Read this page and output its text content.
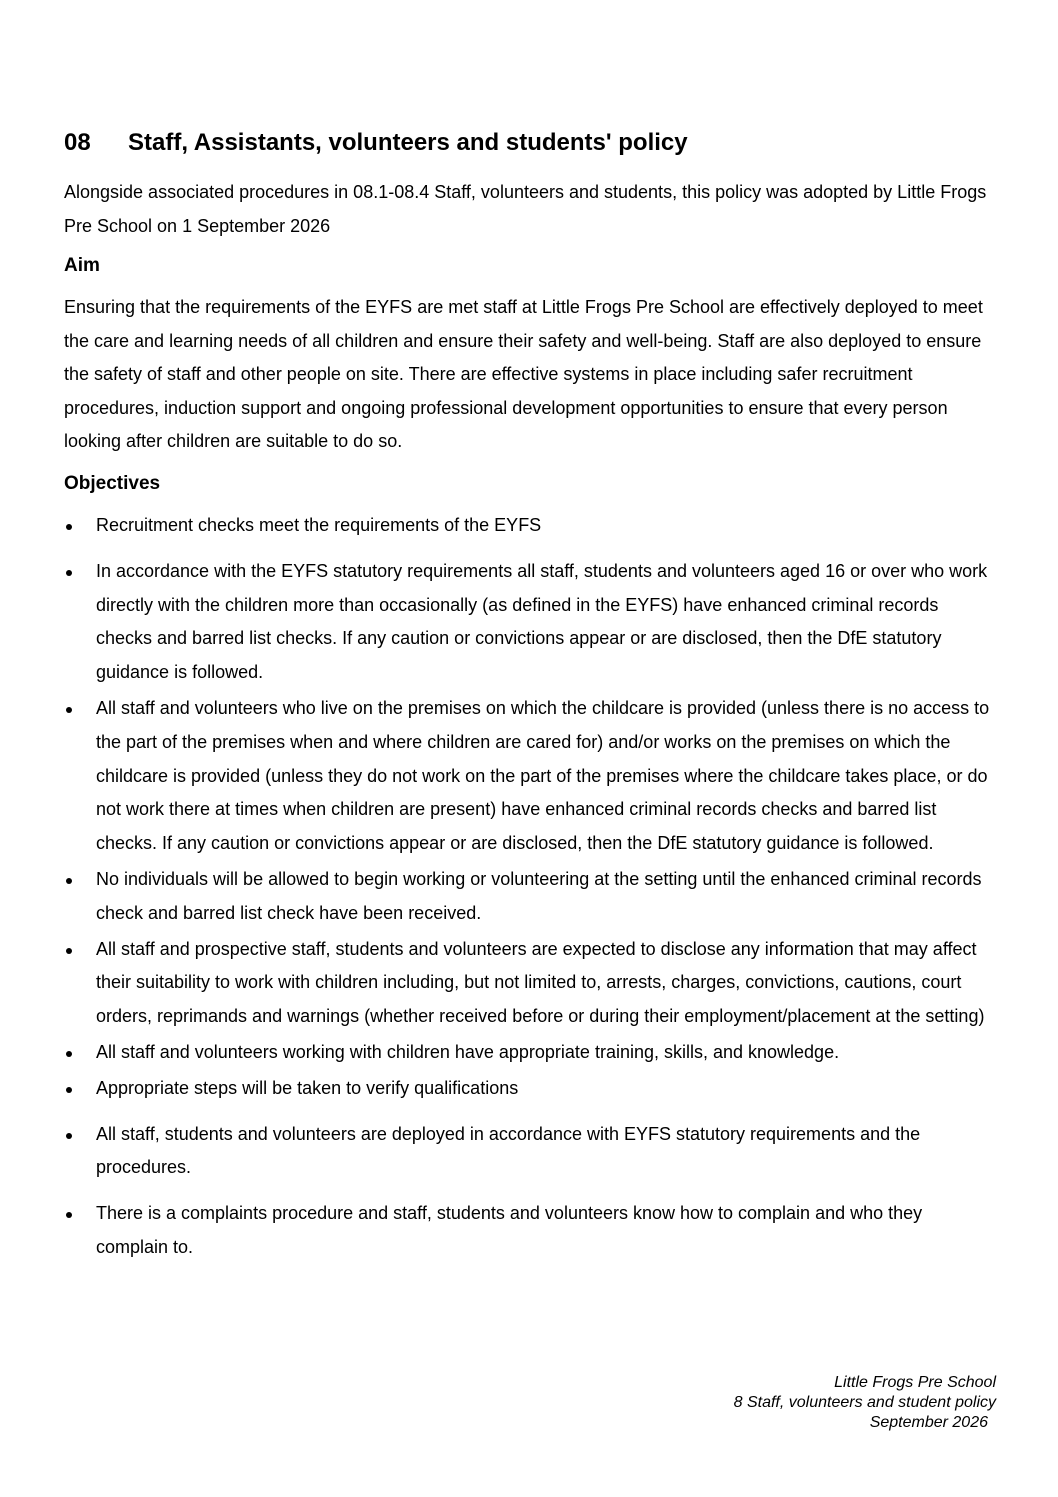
08 Staff, Assistants, volunteers and students' policy

Alongside associated procedures in 08.1-08.4 Staff, volunteers and students, this policy was adopted by Little Frogs Pre School on 1 September 2026

Aim

Ensuring that the requirements of the EYFS are met staff at Little Frogs Pre School are effectively deployed to meet the care and learning needs of all children and ensure their safety and well-being. Staff are also deployed to ensure the safety of staff and other people on site. There are effective systems in place including safer recruitment procedures, induction support and ongoing professional development opportunities to ensure that every person looking after children are suitable to do so.

Objectives
Recruitment checks meet the requirements of the EYFS
In accordance with the EYFS statutory requirements all staff, students and volunteers aged 16 or over who work directly with the children more than occasionally (as defined in the EYFS) have enhanced criminal records checks and barred list checks. If any caution or convictions appear or are disclosed, then the DfE statutory guidance is followed.
All staff and volunteers who live on the premises on which the childcare is provided (unless there is no access to the part of the premises when and where children are cared for) and/or works on the premises on which the childcare is provided (unless they do not work on the part of the premises where the childcare takes place, or do not work there at times when children are present) have enhanced criminal records checks and barred list checks. If any caution or convictions appear or are disclosed, then the DfE statutory guidance is followed.
No individuals will be allowed to begin working or volunteering at the setting until the enhanced criminal records check and barred list check have been received.
All staff and prospective staff, students and volunteers are expected to disclose any information that may affect their suitability to work with children including, but not limited to, arrests, charges, convictions, cautions, court orders, reprimands and warnings (whether received before or during their employment/placement at the setting)
All staff and volunteers working with children have appropriate training, skills, and knowledge.
Appropriate steps will be taken to verify qualifications
All staff, students and volunteers are deployed in accordance with EYFS statutory requirements and the procedures.
There is a complaints procedure and staff, students and volunteers know how to complain and who they complain to.
Little Frogs Pre School
8 Staff, volunteers and student policy
September 2026
